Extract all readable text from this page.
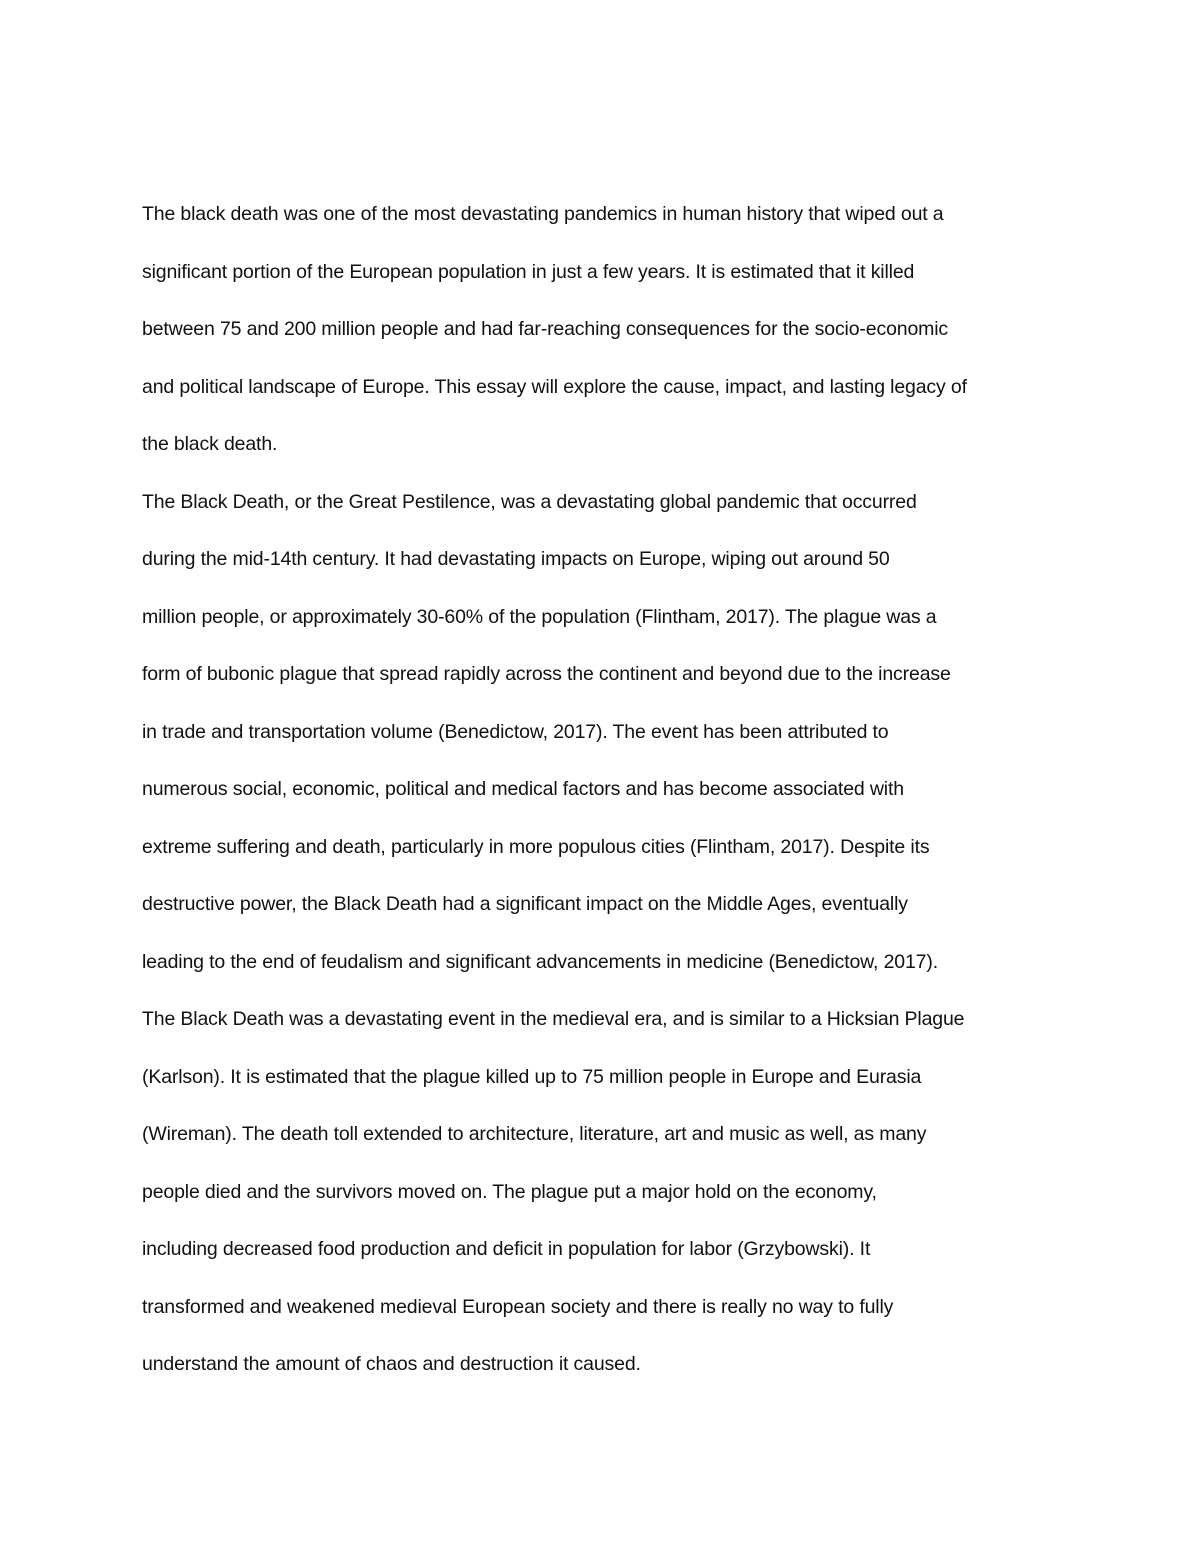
The black death was one of the most devastating pandemics in human history that wiped out a
significant portion of the European population in just a few years. It is estimated that it killed
between 75 and 200 million people and had far-reaching consequences for the socio-economic
and political landscape of Europe. This essay will explore the cause, impact, and lasting legacy of
the black death.
The Black Death, or the Great Pestilence, was a devastating global pandemic that occurred
during the mid-14th century. It had devastating impacts on Europe, wiping out around 50
million people, or approximately 30-60% of the population (Flintham, 2017). The plague was a
form of bubonic plague that spread rapidly across the continent and beyond due to the increase
in trade and transportation volume (Benedictow, 2017). The event has been attributed to
numerous social, economic, political and medical factors and has become associated with
extreme suffering and death, particularly in more populous cities (Flintham, 2017). Despite its
destructive power, the Black Death had a significant impact on the Middle Ages, eventually
leading to the end of feudalism and significant advancements in medicine (Benedictow, 2017).
The Black Death was a devastating event in the medieval era, and is similar to a Hicksian Plague
(Karlson). It is estimated that the plague killed up to 75 million people in Europe and Eurasia
(Wireman). The death toll extended to architecture, literature, art and music as well, as many
people died and the survivors moved on. The plague put a major hold on the economy,
including decreased food production and deficit in population for labor (Grzybowski). It
transformed and weakened medieval European society and there is really no way to fully
understand the amount of chaos and destruction it caused.
